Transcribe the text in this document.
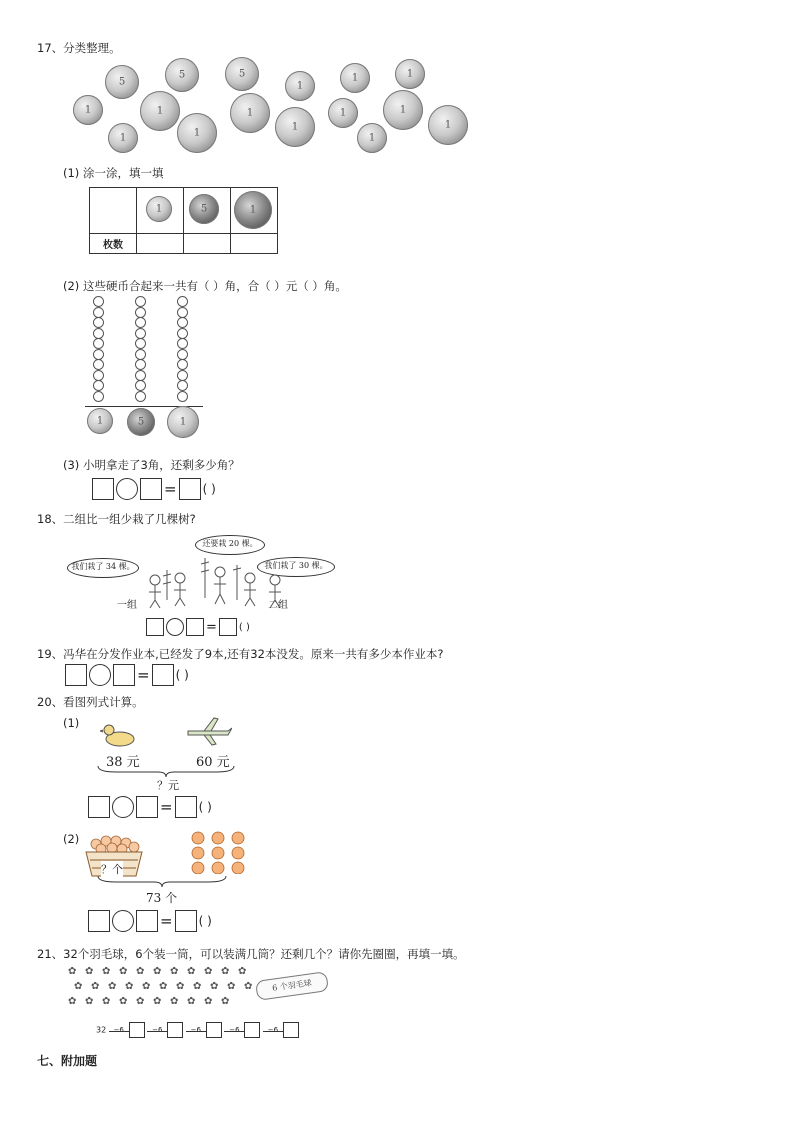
17、分类整理。
5
5	5
1
1	1
1	1	1
1
1	1
1
1	1	1
(1) 涂一涂，填一填

	1	5	1

枚数			
(2) 这些硬币合起来一共有（ ）角，合（ ）元（ ）角。
1	5	1
(3) 小明拿走了3角，还剩多少角？
= ( )
18、二组比一组少栽了几棵树?
我们栽了 34 棵。
还要栽 20 棵。
我们栽了 30 棵。
一组	二组
= ( )
19、冯华在分发作业本,已经发了9本,还有32本没发。原来一共有多少本作业本?
= ( )
20、看图列式计算。
(1)
38 元	60 元
？元
= ( )
(2)
？个
73 个
= ( )
21、32个羽毛球，6个装一筒，可以装满几筒？还剩几个？请你先圈圈，再填一填。
✿ ✿ ✿ ✿ ✿ ✿ ✿ ✿ ✿ ✿ ✿
✿ ✿ ✿ ✿ ✿ ✿ ✿ ✿ ✿ ✿ ✿
✿ ✿ ✿ ✿ ✿ ✿ ✿ ✿ ✿ ✿
6 个羽毛球
32 −6	−6	−6	−6	−6
七、附加题
